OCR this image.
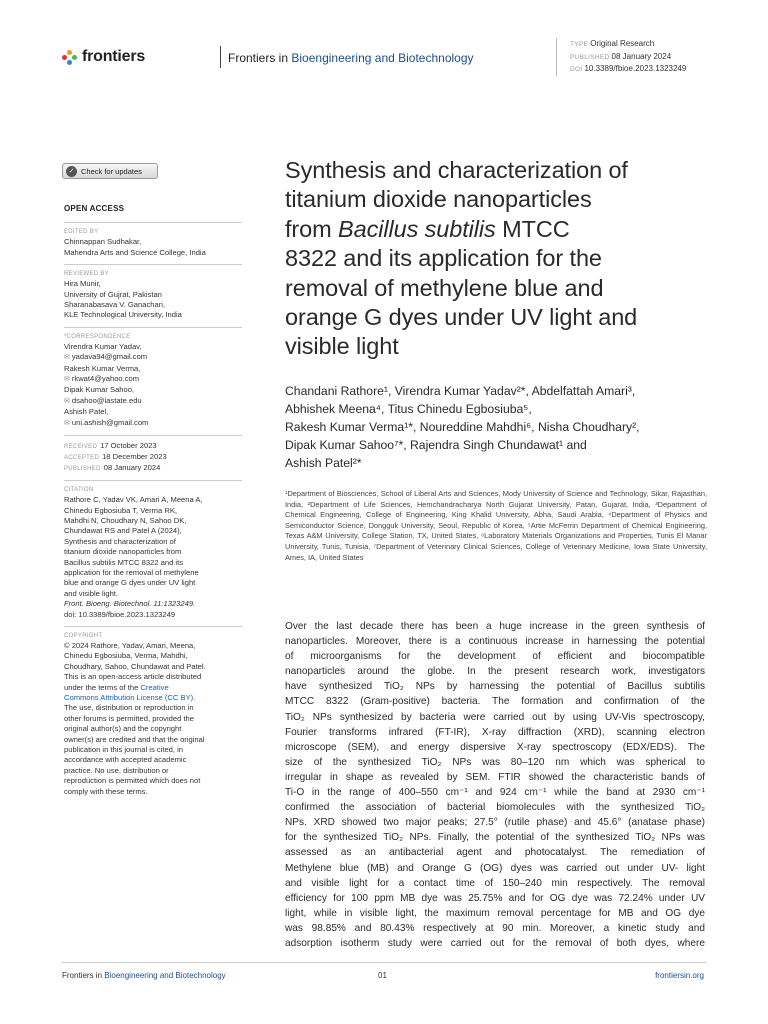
frontiers	Frontiers in Bioengineering and Biotechnology
TYPE Original Research
PUBLISHED 08 January 2024
DOI 10.3389/fbioe.2023.1323249
✓ Check for updates
OPEN ACCESS
EDITED BY
Chinnappan Sudhakar,
Mahendra Arts and Science College, India
REVIEWED BY
Hira Munir,
University of Gujrat, Pakistan
Sharanabasava V. Ganachari,
KLE Technological University, India
*CORRESPONDENCE
Virendra Kumar Yadav,
✉ yadava94@gmail.com
Rakesh Kumar Verma,
✉ rkwat4@yahoo.com
Dipak Kumar Sahoo,
✉ dsahoo@iastate.edu
Ashish Patel,
✉ uni.ashish@gmail.com
RECEIVED 17 October 2023
ACCEPTED 18 December 2023
PUBLISHED 08 January 2024
CITATION
Rathore C, Yadav VK, Amari A, Meena A,
Chinedu Egbosiuba T, Verma RK,
Mahdhi N, Choudhary N, Sahoo DK,
Chundawat RS and Patel A (2024),
Synthesis and characterization of
titanium dioxide nanoparticles from
Bacillus subtilis MTCC 8322 and its
application for the removal of methylene
blue and orange G dyes under UV light
and visible light.
Front. Bioeng. Biotechnol. 11:1323249.
doi: 10.3389/fbioe.2023.1323249
COPYRIGHT
© 2024 Rathore, Yadav, Amari, Meena,
Chinedu Egbosiuba, Verma, Mahdhi,
Choudhary, Sahoo, Chundawat and Patel.
This is an open-access article distributed
under the terms of the Creative
Commons Attribution License (CC BY).
The use, distribution or reproduction in
other forums is permitted, provided the
original author(s) and the copyright
owner(s) are credited and that the original
publication in this journal is cited, in
accordance with accepted academic
practice. No use, distribution or
reproduction is permitted which does not
comply with these terms.

Synthesis and characterization of

titanium dioxide nanoparticles

from Bacillus subtilis MTCC

8322 and its application for the

removal of methylene blue and

orange G dyes under UV light and

visible light

Chandani Rathore¹, Virendra Kumar Yadav²*, Abdelfattah Amari³,

Abhishek Meena⁴, Titus Chinedu Egbosiuba⁵,

Rakesh Kumar Verma¹*, Noureddine Mahdhi⁶, Nisha Choudhary²,

Dipak Kumar Sahoo⁷*, Rajendra Singh Chundawat¹ and

Ashish Patel²*

¹Department of Biosciences, School of Liberal Arts and Sciences, Mody University of Science and Technology, Sikar, Rajasthan, India, ²Department of Life Sciences, Hemchandracharya North Gujarat University, Patan, Gujarat, India, ³Department of Chemical Engineering, College of Engineering, King Khalid University, Abha, Saudi Arabia, ⁴Department of Physics and Semiconductor Science, Dongguk University, Seoul, Republic of Korea, ⁵Artie McFerrin Department of Chemical Engineering, Texas A&M University, College Station, TX, United States, ⁶Laboratory Materials Organizations and Properties, Tunis El Manar University, Tunis, Tunisia, ⁷Department of Veterinary Clinical Sciences, College of Veterinary Medicine, Iowa State University, Ames, IA, United States

Over the last decade there has been a huge increase in the green synthesis of

nanoparticles. Moreover, there is a continuous increase in harnessing the potential

of microorganisms for the development of efficient and biocompatible

nanoparticles around the globe. In the present research work, investigators

have synthesized TiO₂ NPs by harnessing the potential of Bacillus subtilis

MTCC 8322 (Gram-positive) bacteria. The formation and confirmation of the

TiO₂ NPs synthesized by bacteria were carried out by using UV-Vis spectroscopy,

Fourier transforms infrared (FT-IR), X-ray diffraction (XRD), scanning electron

microscope (SEM), and energy dispersive X-ray spectroscopy (EDX/EDS). The

size of the synthesized TiO₂ NPs was 80–120 nm which was spherical to

irregular in shape as revealed by SEM. FTIR showed the characteristic bands of

Ti-O in the range of 400–550 cm⁻¹ and 924 cm⁻¹ while the band at 2930 cm⁻¹

confirmed the association of bacterial biomolecules with the synthesized TiO₂

NPs. XRD showed two major peaks; 27.5° (rutile phase) and 45.6° (anatase phase)

for the synthesized TiO₂ NPs. Finally, the potential of the synthesized TiO₂ NPs was

assessed as an antibacterial agent and photocatalyst. The remediation of

Methylene blue (MB) and Orange G (OG) dyes was carried out under UV- light

and visible light for a contact time of 150–240 min respectively. The removal

efficiency for 100 ppm MB dye was 25.75% and for OG dye was 72.24% under UV

light, while in visible light, the maximum removal percentage for MB and OG dye

was 98.85% and 80.43% respectively at 90 min. Moreover, a kinetic study and

adsorption isotherm study were carried out for the removal of both dyes, where

Frontiers in Bioengineering and Biotechnology	01	frontiersin.org
